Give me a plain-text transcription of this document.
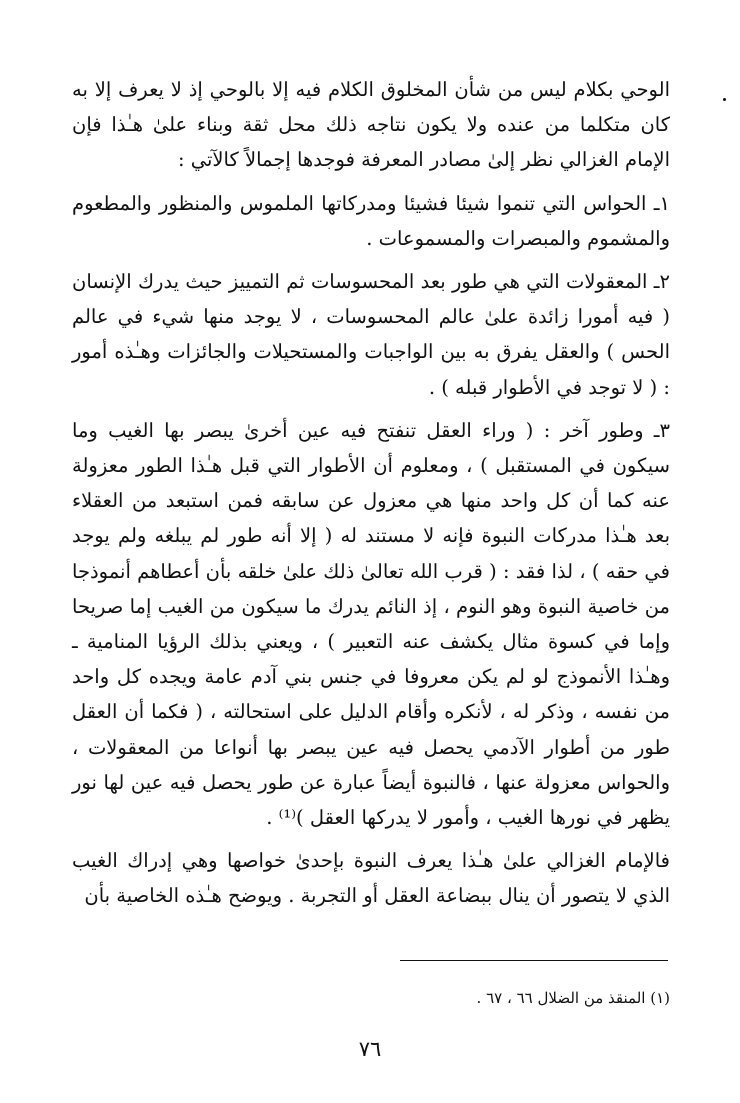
الوحي بكلام ليس من شأن المخلوق الكلام فيه إلا بالوحي إذ لا يعرف إلا به كان متكلما من عنده ولا يكون نتاجه ذلك محل ثقة وبناء علىٰ هـٰذا فإن الإمام الغزالي نظر إلىٰ مصادر المعرفة فوجدها إجمالاً كالآتي :

١ـ الحواس التي تنموا شيئا فشيئا ومدركاتها الملموس والمنظور والمطعوم والمشموم والمبصرات والمسموعات .

٢ـ المعقولات التي هي طور بعد المحسوسات ثم التمييز حيث يدرك الإنسان ( فيه أمورا زائدة علىٰ عالم المحسوسات ، لا يوجد منها شيء في عالم الحس ) والعقل يفرق به بين الواجبات والمستحيلات والجائزات وهـٰذه أمور : ( لا توجد في الأطوار قبله ) .

٣ـ وطور آخر : ( وراء العقل تنفتح فيه عين أخرىٰ يبصر بها الغيب وما سيكون في المستقبل ) ، ومعلوم أن الأطوار التي قبل هـٰذا الطور معزولة عنه كما أن كل واحد منها هي معزول عن سابقه فمن استبعد من العقلاء بعد هـٰذا مدركات النبوة فإنه لا مستند له ( إلا أنه طور لم يبلغه ولم يوجد في حقه ) ، لذا فقد : ( قرب الله تعالىٰ ذلك علىٰ خلقه بأن أعطاهم أنموذجا من خاصية النبوة وهو النوم ، إذ النائم يدرك ما سيكون من الغيب إما صريحا وإما في كسوة مثال يكشف عنه التعبير ) ، ويعني بذلك الرؤيا المنامية ـ وهـٰذا الأنموذج لو لم يكن معروفا في جنس بني آدم عامة ويجده كل واحد من نفسه ، وذكر له ، لأنكره وأقام الدليل على استحالته ، ( فكما أن العقل طور من أطوار الآدمي يحصل فيه عين يبصر بها أنواعا من المعقولات ، والحواس معزولة عنها ، فالنبوة أيضاً عبارة عن طور يحصل فيه عين لها نور يظهر في نورها الغيب ، وأمور لا يدركها العقل )⁽¹⁾ .

فالإمام الغزالي علىٰ هـٰذا يعرف النبوة بإحدىٰ خواصها وهي إدراك الغيب الذي لا يتصور أن ينال ببضاعة العقل أو التجربة . ويوضح هـٰذه الخاصية بأن

(١) المنقذ من الضلال ٦٦ ، ٦٧ .
٧٦
